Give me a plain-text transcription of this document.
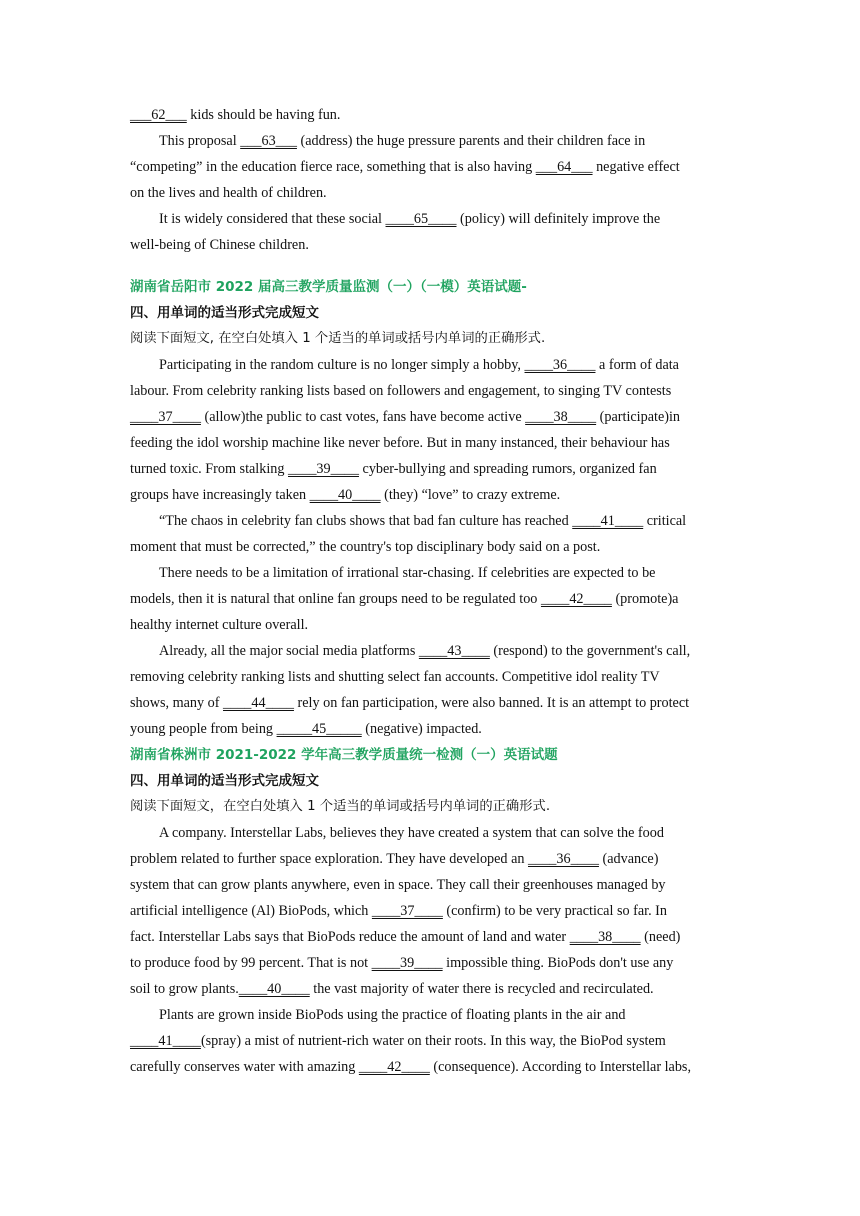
___62___ kids should be having fun.
This proposal ___63___ (address) the huge pressure parents and their children face in
“competing” in the education fierce race, something that is also having ___64___ negative effect
on the lives and health of children.
It is widely considered that these social ____65____ (policy) will definitely improve the
well-being of Chinese children.
湖南省岳阳市 2022 届高三教学质量监测（一）（一模）英语试题-
四、用单词的适当形式完成短文
阅读下面短文, 在空白处填入 1 个适当的单词或括号内单词的正确形式.
Participating in the random culture is no longer simply a hobby, ____36____ a form of data
labour. From celebrity ranking lists based on followers and engagement, to singing TV contests
____37____ (allow)the public to cast votes, fans have become active ____38____ (participate)in
feeding the idol worship machine like never before. But in many instanced, their behaviour has
turned toxic. From stalking ____39____ cyber-bullying and spreading rumors, organized fan
groups have increasingly taken ____40____ (they) “love” to crazy extreme.
“The chaos in celebrity fan clubs shows that bad fan culture has reached ____41____ critical
moment that must be corrected,” the country's top disciplinary body said on a post.
There needs to be a limitation of irrational star-chasing. If celebrities are expected to be
models, then it is natural that online fan groups need to be regulated too ____42____ (promote)a
healthy internet culture overall.
Already, all the major social media platforms ____43____ (respond) to the government's call,
removing celebrity ranking lists and shutting select fan accounts. Competitive idol reality TV
shows, many of ____44____ rely on fan participation, were also banned. It is an attempt to protect
young people from being _____45_____ (negative) impacted.
湖南省株洲市 2021-2022 学年高三教学质量统一检测（一）英语试题
四、用单词的适当形式完成短文
阅读下面短文，在空白处填入 1 个适当的单词或括号内单词的正确形式.
A company. Interstellar Labs, believes they have created a system that can solve the food
problem related to further space exploration. They have developed an ____36____ (advance)
system that can grow plants anywhere, even in space. They call their greenhouses managed by
artificial intelligence (Al) BioPods, which ____37____ (confirm) to be very practical so far. In
fact. Interstellar Labs says that BioPods reduce the amount of land and water ____38____ (need)
to produce food by 99 percent. That is not ____39____ impossible thing. BioPods don't use any
soil to grow plants.____40____ the vast majority of water there is recycled and recirculated.
Plants are grown inside BioPods using the practice of floating plants in the air and
____41____(spray) a mist of nutrient-rich water on their roots. In this way, the BioPod system
carefully conserves water with amazing ____42____ (consequence). According to Interstellar labs,
